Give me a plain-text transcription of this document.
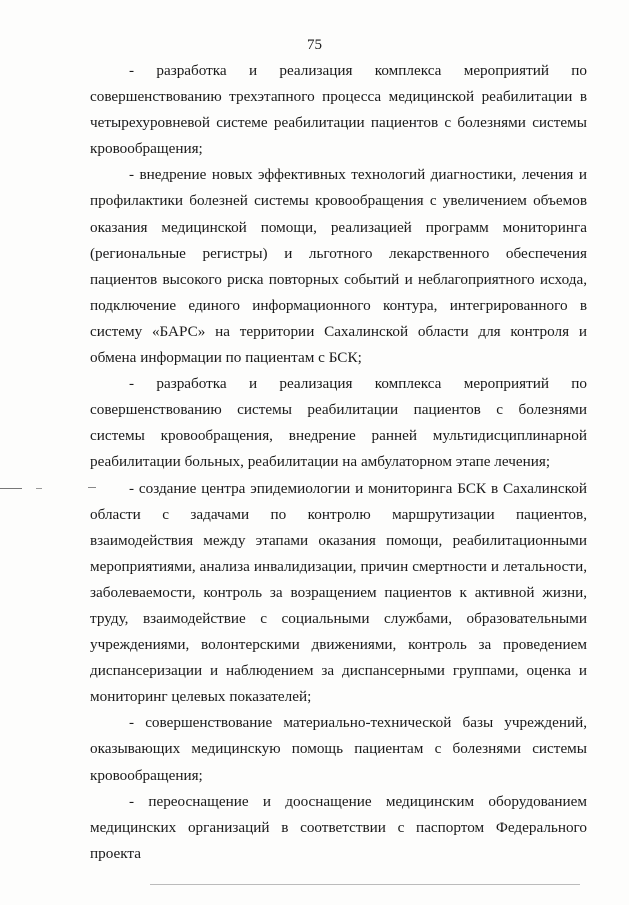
75

- разработка и реализация комплекса мероприятий по совершенствованию трехэтапного процесса медицинской реабилитации в четырехуровневой системе реабилитации пациентов с болезнями системы кровообращения;

- внедрение новых эффективных технологий диагностики, лечения и профилактики болезней системы кровообращения с увеличением объемов оказания медицинской помощи, реализацией программ мониторинга (региональные регистры) и льготного лекарственного обеспечения пациентов высокого риска повторных событий и неблагоприятного исхода, подключение единого информационного контура, интегрированного в систему «БАРС» на территории Сахалинской области для контроля и обмена информации по пациентам с БСК;

- разработка и реализация комплекса мероприятий по совершенствованию системы реабилитации пациентов с болезнями системы кровообращения, внедрение ранней мультидисциплинарной реабилитации больных, реабилитации на амбулаторном этапе лечения;

- создание центра эпидемиологии и мониторинга БСК в Сахалинской области с задачами по контролю маршрутизации пациентов, взаимодействия между этапами оказания помощи, реабилитационными мероприятиями, анализа инвалидизации, причин смертности и летальности, заболеваемости, контроль за возращением пациентов к активной жизни, труду, взаимодействие с социальными службами, образовательными учреждениями, волонтерскими движениями, контроль за проведением диспансеризации и наблюдением за диспансерными группами, оценка и мониторинг целевых показателей;

- совершенствование материально-технической базы учреждений, оказывающих медицинскую помощь пациентам с болезнями системы кровообращения;

- переоснащение и дооснащение медицинским оборудованием медицинских организаций в соответствии с паспортом Федерального проекта
